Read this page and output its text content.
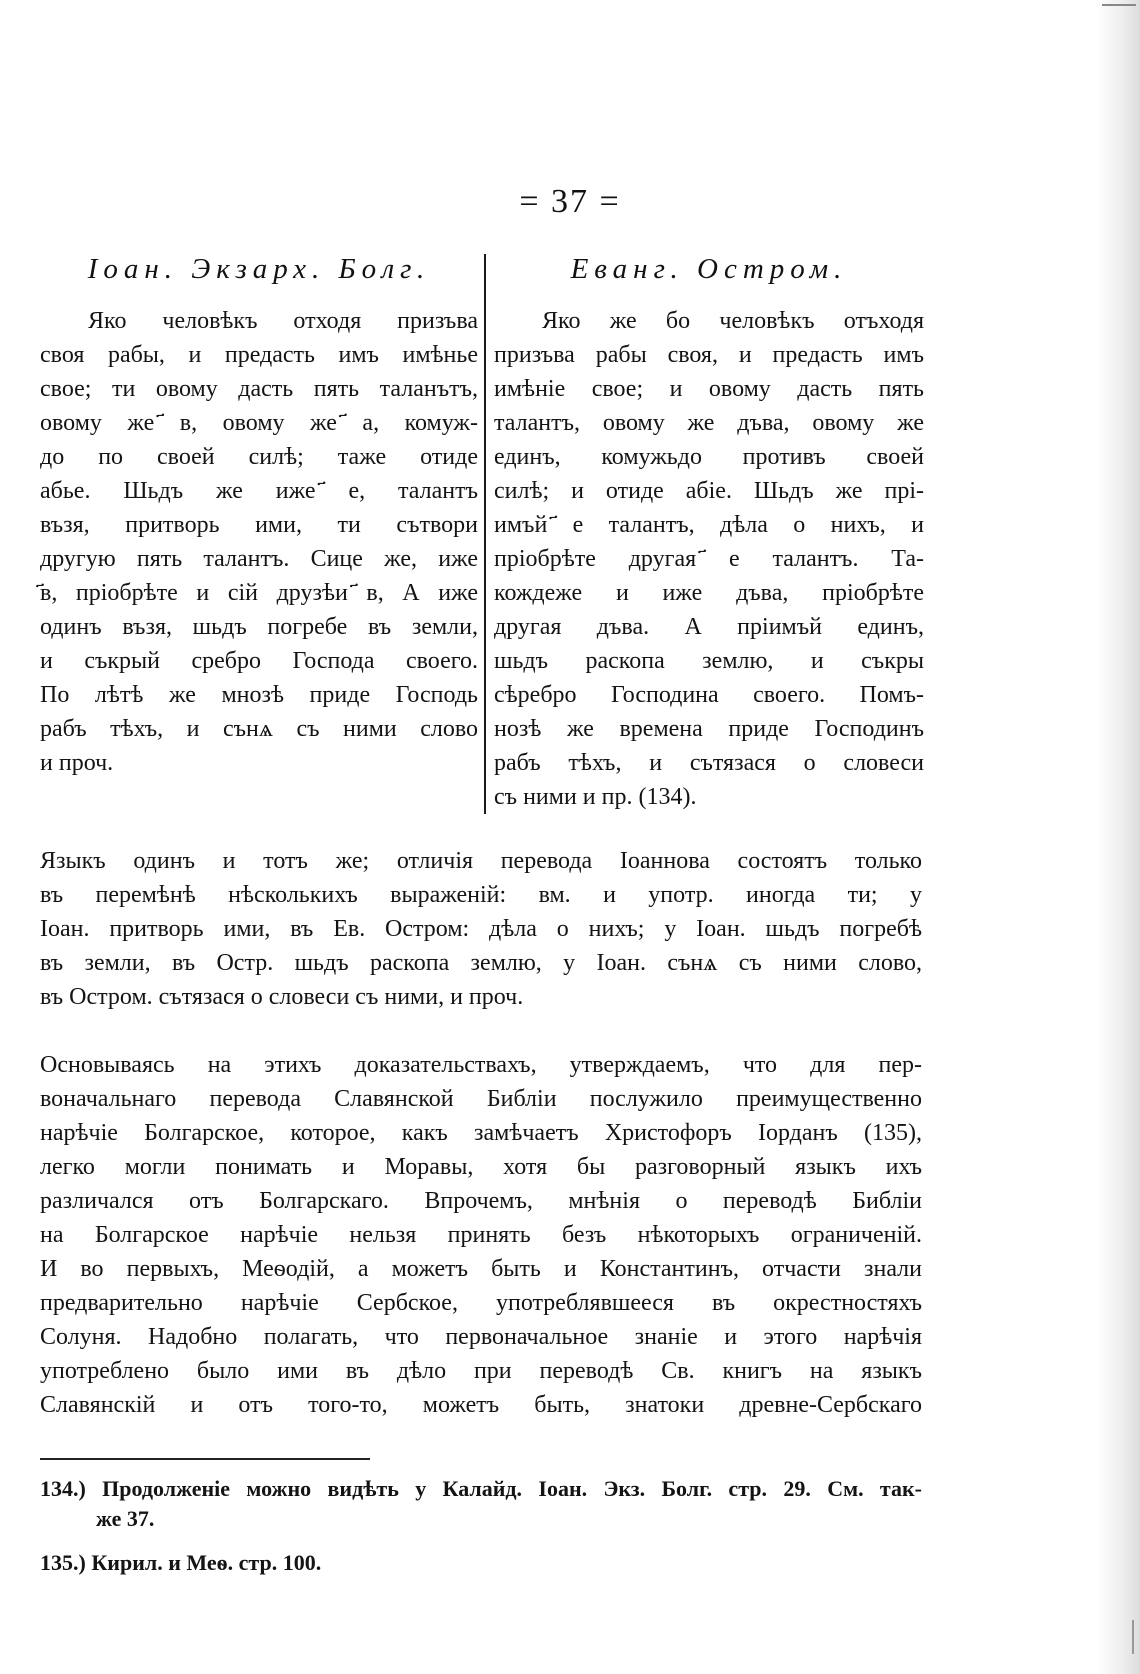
= 37 =
Іоан. Экзарх. Болг.
Яко человѣкъ отходя призъва
своя рабы, и предасть имъ имѣнье
свое; ти овому дасть пять таланътъ,
овому же ҃в, овому же ҃а, комуж-
до по своей силѣ; таже отиде
абье. Шьдъ же иже ҃е, талантъ
възя, притворь ими, ти сътвори
другую пять талантъ. Сице же, иже
҃в, пріобрѣте и сій друзѣи ҃в, А иже
одинъ възя, шьдъ погребе въ земли,
и съкрый сребро Господа своего.
По лѣтѣ же мнозѣ приде Господь
рабъ тѣхъ, и сънѧ съ ними слово
и проч.
Еванг. Остром.
Яко же бо человѣкъ отъходя
призъва рабы своя, и предасть имъ
имѣніе свое; и овому дасть пять
талантъ, овому же дъва, овому же
единъ, комужьдо противъ своей
силѣ; и отиде абіе. Шьдъ же прі-
имъй ҃е талантъ, дѣла о нихъ, и
пріобрѣте другая ҃е талантъ. Та-
кождеже и иже дъва, пріобрѣте
другая дъва. А пріимъй единъ,
шьдъ раскопа землю, и съкры
сѣребро Господина своего. Помъ-
нозѣ же времена приде Господинъ
рабъ тѣхъ, и сътязася о словеси
съ ними и пр. (134).
Языкъ одинъ и тотъ же; отличія перевода Іоаннова состоятъ только
въ перемѣнѣ нѣсколькихъ выраженій: вм. и употр. иногда ти; у
Іоан. притворь ими, въ Ев. Остром: дѣла о нихъ; у Іоан. шьдъ погребѣ
въ земли, въ Остр. шьдъ раскопа землю, у Іоан. сънѧ съ ними слово,
въ Остром. сътязася о словеси съ ними, и проч.
Основываясь на этихъ доказательствахъ, утверждаемъ, что для пер-
воначальнаго перевода Славянской Библіи послужило преимущественно
нарѣчіе Болгарское, которое, какъ замѣчаетъ Христофоръ Іорданъ (135),
легко могли понимать и Моравы, хотя бы разговорный языкъ ихъ
различался отъ Болгарскаго. Впрочемъ, мнѣнія о переводѣ Библіи
на Болгарское нарѣчіе нельзя принять безъ нѣкоторыхъ ограниченій.
И во первыхъ, Меѳодій, а можетъ быть и Константинъ, отчасти знали
предварительно нарѣчіе Сербское, употреблявшееся въ окрестностяхъ
Солуня. Надобно полагать, что первоначальное знаніе и этого нарѣчія
употреблено было ими въ дѣло при переводѣ Св. книгъ на языкъ
Славянскій и отъ того-то, можетъ быть, знатоки древне-Сербскаго
134.) Продолженіе можно видѣть у Калайд. Іоан. Экз. Болг. стр. 29. См. так-
же 37.
135.) Кирил. и Меѳ. стр. 100.
